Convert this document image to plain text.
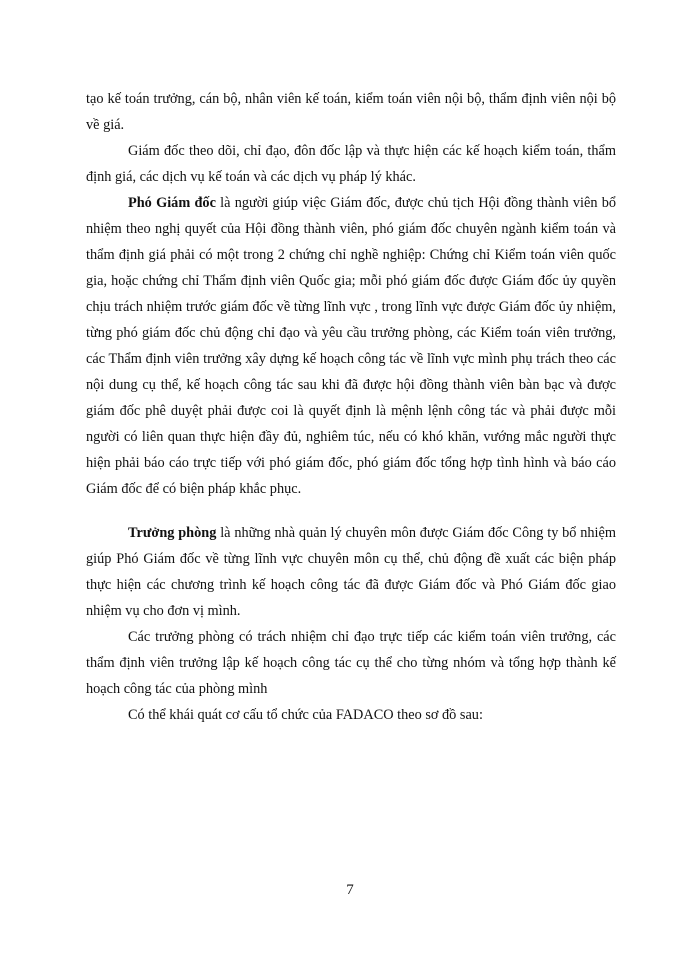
tạo kế toán trưởng, cán bộ, nhân viên kế toán, kiểm toán viên nội bộ, thẩm định viên nội bộ về giá.

Giám đốc theo dõi, chỉ đạo, đôn đốc lập và thực hiện các kế hoạch kiểm toán, thẩm định giá, các dịch vụ kế toán và các dịch vụ pháp lý khác.

Phó Giám đốc là người giúp việc Giám đốc, được chủ tịch Hội đồng thành viên bổ nhiệm theo nghị quyết của Hội đồng thành viên, phó giám đốc chuyên ngành kiểm toán và thẩm định giá phải có một trong 2 chứng chỉ nghề nghiệp: Chứng chỉ Kiểm toán viên quốc gia, hoặc chứng chỉ Thẩm định viên Quốc gia; mỗi phó giám đốc được Giám đốc ủy quyền chịu trách nhiệm trước giám đốc về từng lĩnh vực , trong lĩnh vực được Giám đốc ủy nhiệm, từng phó giám đốc chủ động chỉ đạo và yêu cầu trưởng phòng, các Kiểm toán viên trưởng, các Thẩm định viên trưởng xây dựng kế hoạch công tác về lĩnh vực mình phụ trách theo các nội dung cụ thể, kế hoạch công tác sau khi đã được hội đồng thành viên bàn bạc và được giám đốc phê duyệt phải được coi là quyết định là mệnh lệnh công tác và phải được mỗi người có liên quan thực hiện đầy đủ, nghiêm túc, nếu có khó khăn, vướng mắc người thực hiện phải báo cáo trực tiếp với phó giám đốc, phó giám đốc tổng hợp tình hình và báo cáo Giám đốc để có biện pháp khắc phục.

Trưởng phòng là những nhà quản lý chuyên môn được Giám đốc Công ty bổ nhiệm giúp Phó Giám đốc về từng lĩnh vực chuyên môn cụ thể, chủ động đề xuất các biện pháp thực hiện các chương trình kế hoạch công tác đã được Giám đốc và Phó Giám đốc giao nhiệm vụ cho đơn vị mình.

Các trưởng phòng có trách nhiệm chỉ đạo trực tiếp các kiểm toán viên trưởng, các thẩm định viên trưởng lập kế hoạch công tác cụ thể cho từng nhóm và tổng hợp thành kế hoạch công tác của phòng mình

Có thể khái quát cơ cấu tổ chức của FADACO theo sơ đồ sau:

7
